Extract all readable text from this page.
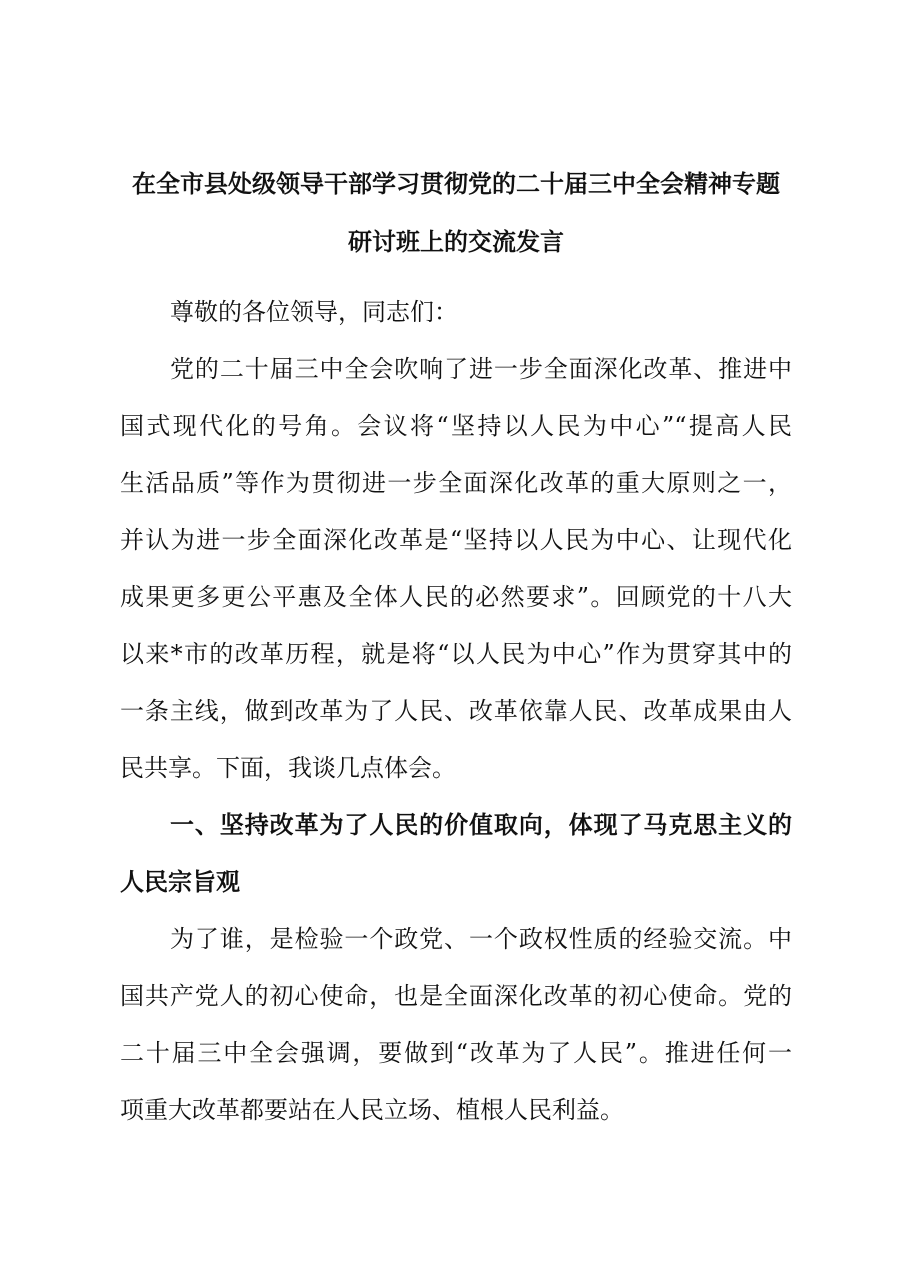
在全市县处级领导干部学习贯彻党的二十届三中全会精神专题
研讨班上的交流发言
尊敬的各位领导，同志们：
党的二十届三中全会吹响了进一步全面深化改革、推进中
国式现代化的号角。会议将“坚持以人民为中心”“提高人民
生活品质”等作为贯彻进一步全面深化改革的重大原则之一，
并认为进一步全面深化改革是“坚持以人民为中心、让现代化
成果更多更公平惠及全体人民的必然要求”。回顾党的十八大
以来*市的改革历程，就是将“以人民为中心”作为贯穿其中的
一条主线，做到改革为了人民、改革依靠人民、改革成果由人
民共享。下面，我谈几点体会。
一、坚持改革为了人民的价值取向，体现了马克思主义的
人民宗旨观
为了谁，是检验一个政党、一个政权性质的经验交流。中
国共产党人的初心使命，也是全面深化改革的初心使命。党的
二十届三中全会强调，要做到“改革为了人民”。推进任何一
项重大改革都要站在人民立场、植根人民利益。
